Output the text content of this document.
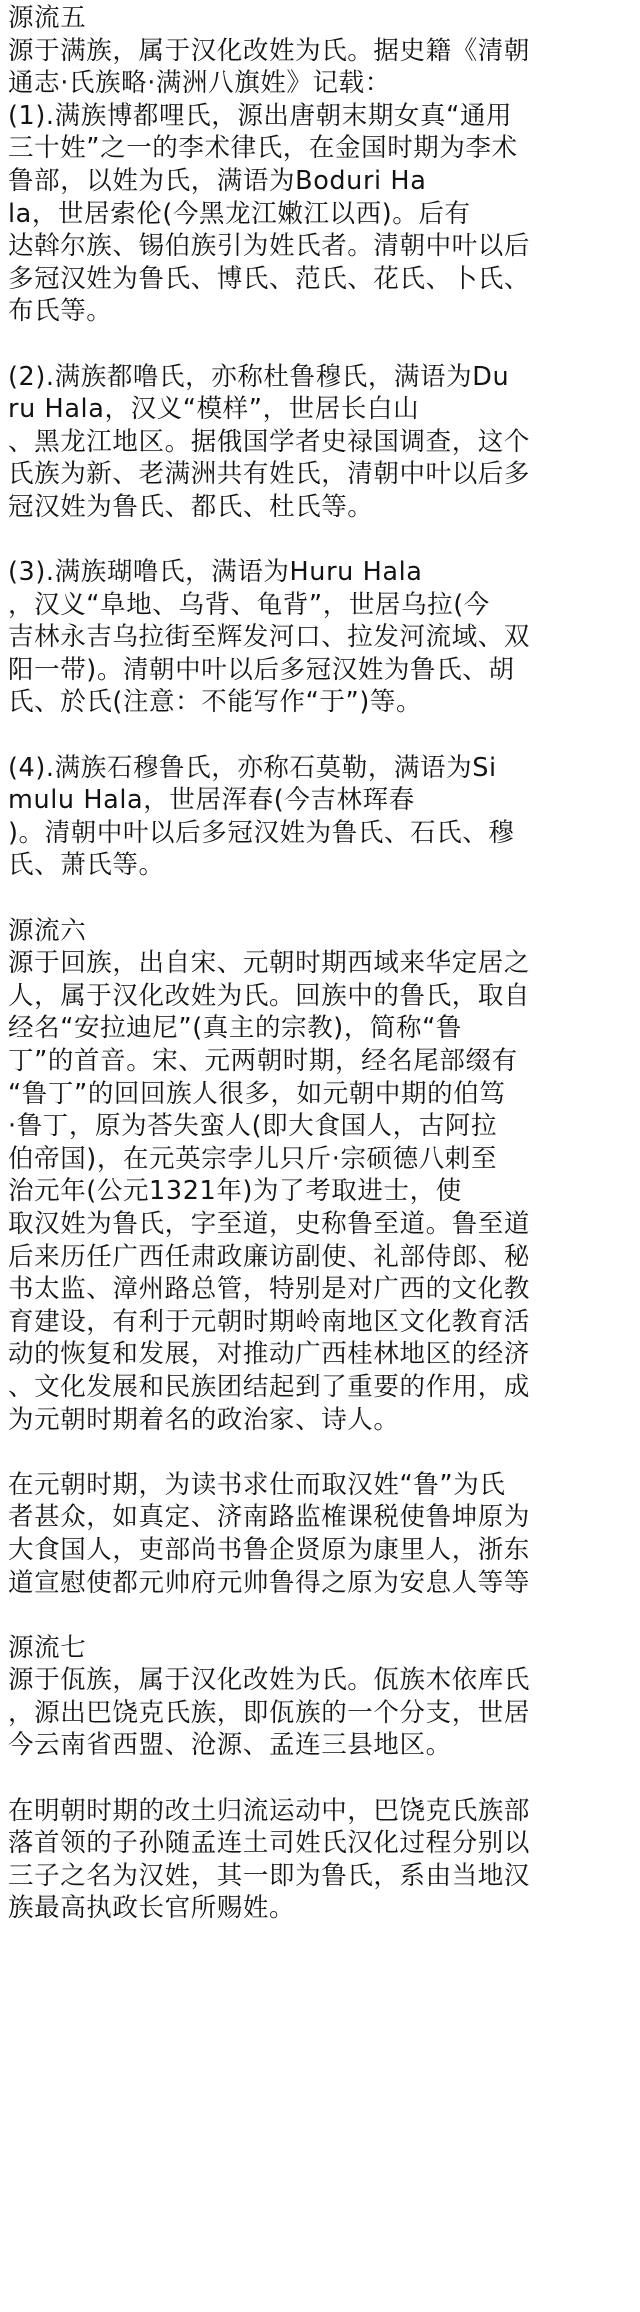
源流五
源于满族，属于汉化改姓为氏。据史籍《清朝
通志·氏族略·满洲八旗姓》记载：
(1).满族博都哩氏，源出唐朝末期女真“通用
三十姓”之一的李术律氏，在金国时期为李术
鲁部，以姓为氏，满语为Boduri Ha
la，世居索伦(今黑龙江嫩江以西)。后有
达斡尔族、锡伯族引为姓氏者。清朝中叶以后
多冠汉姓为鲁氏、博氏、范氏、花氏、卜氏、
布氏等。
(2).满族都噜氏，亦称杜鲁穆氏，满语为Du
ru Hala，汉义“模样”，世居长白山
、黑龙江地区。据俄国学者史禄国调查，这个
氏族为新、老满洲共有姓氏，清朝中叶以后多
冠汉姓为鲁氏、都氏、杜氏等。
(3).满族瑚噜氏，满语为Huru Hala
，汉义“阜地、乌背、龟背”，世居乌拉(今
吉林永吉乌拉街至辉发河口、拉发河流域、双
阳一带)。清朝中叶以后多冠汉姓为鲁氏、胡
氏、於氏(注意：不能写作“于”)等。
(4).满族石穆鲁氏，亦称石莫勒，满语为Si
mulu Hala，世居浑春(今吉林珲春
)。清朝中叶以后多冠汉姓为鲁氏、石氏、穆
氏、萧氏等。
源流六
源于回族，出自宋、元朝时期西域来华定居之
人，属于汉化改姓为氏。回族中的鲁氏，取自
经名“安拉迪尼”(真主的宗教)，简称“鲁
丁”的首音。宋、元两朝时期，经名尾部缀有
“鲁丁”的回回族人很多，如元朝中期的伯笃
·鲁丁，原为荅失蛮人(即大食国人，古阿拉
伯帝国)，在元英宗孛儿只斤·宗硕德八剌至
治元年(公元1321年)为了考取进士，使
取汉姓为鲁氏，字至道，史称鲁至道。鲁至道
后来历任广西任肃政廉访副使、礼部侍郎、秘
书太监、漳州路总管，特别是对广西的文化教
育建设，有利于元朝时期岭南地区文化教育活
动的恢复和发展，对推动广西桂林地区的经济
、文化发展和民族团结起到了重要的作用，成
为元朝时期着名的政治家、诗人。
在元朝时期，为读书求仕而取汉姓“鲁”为氏
者甚众，如真定、济南路监榷课税使鲁坤原为
大食国人，吏部尚书鲁企贤原为康里人，浙东
道宣慰使都元帅府元帅鲁得之原为安息人等等
源流七
源于佤族，属于汉化改姓为氏。佤族木依库氏
，源出巴饶克氏族，即佤族的一个分支，世居
今云南省西盟、沧源、孟连三县地区。
在明朝时期的改土归流运动中，巴饶克氏族部
落首领的子孙随孟连土司姓氏汉化过程分别以
三子之名为汉姓，其一即为鲁氏，系由当地汉
族最高执政长官所赐姓。
